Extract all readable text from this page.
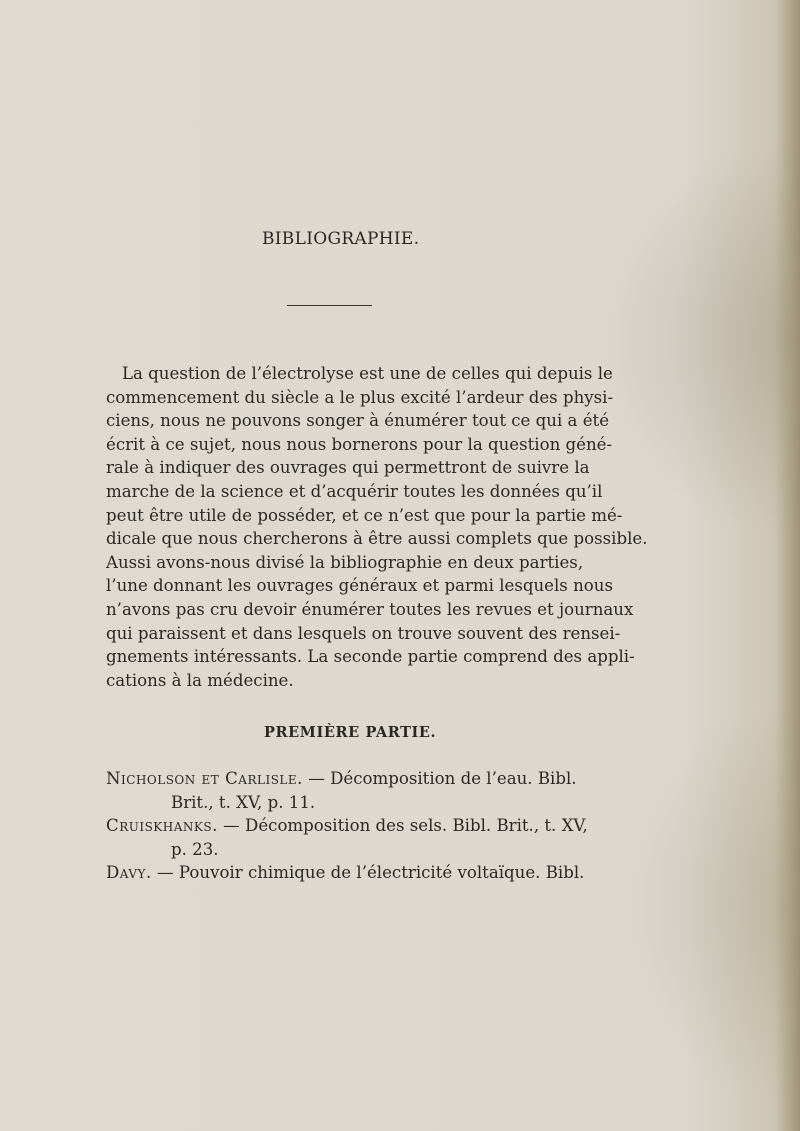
BIBLIOGRAPHIE.

La question de l’électrolyse est une de celles qui depuis le
commencement du siècle a le plus excité l’ardeur des physi-
ciens, nous ne pouvons songer à énumérer tout ce qui a été
écrit à ce sujet, nous nous bornerons pour la question géné-
rale à indiquer des ouvrages qui permettront de suivre la
marche de la science et d’acquérir toutes les données qu’il
peut être utile de posséder, et ce n’est que pour la partie mé-
dicale que nous chercherons à être aussi complets que possible.
Aussi avons-nous divisé la bibliographie en deux parties,
l’une donnant les ouvrages généraux et parmi lesquels nous
n’avons pas cru devoir énumérer toutes les revues et journaux
qui paraissent et dans lesquels on trouve souvent des rensei-
gnements intéressants. La seconde partie comprend des appli-
cations à la médecine.

PREMIÈRE PARTIE.
Nicholson et Carlisle. — Décomposition de l’eau. Bibl.
Brit., t. XV, p. 11.
Cruiskhanks. — Décomposition des sels. Bibl. Brit., t. XV,
p. 23.
Davy. — Pouvoir chimique de l’électricité voltaïque. Bibl.
